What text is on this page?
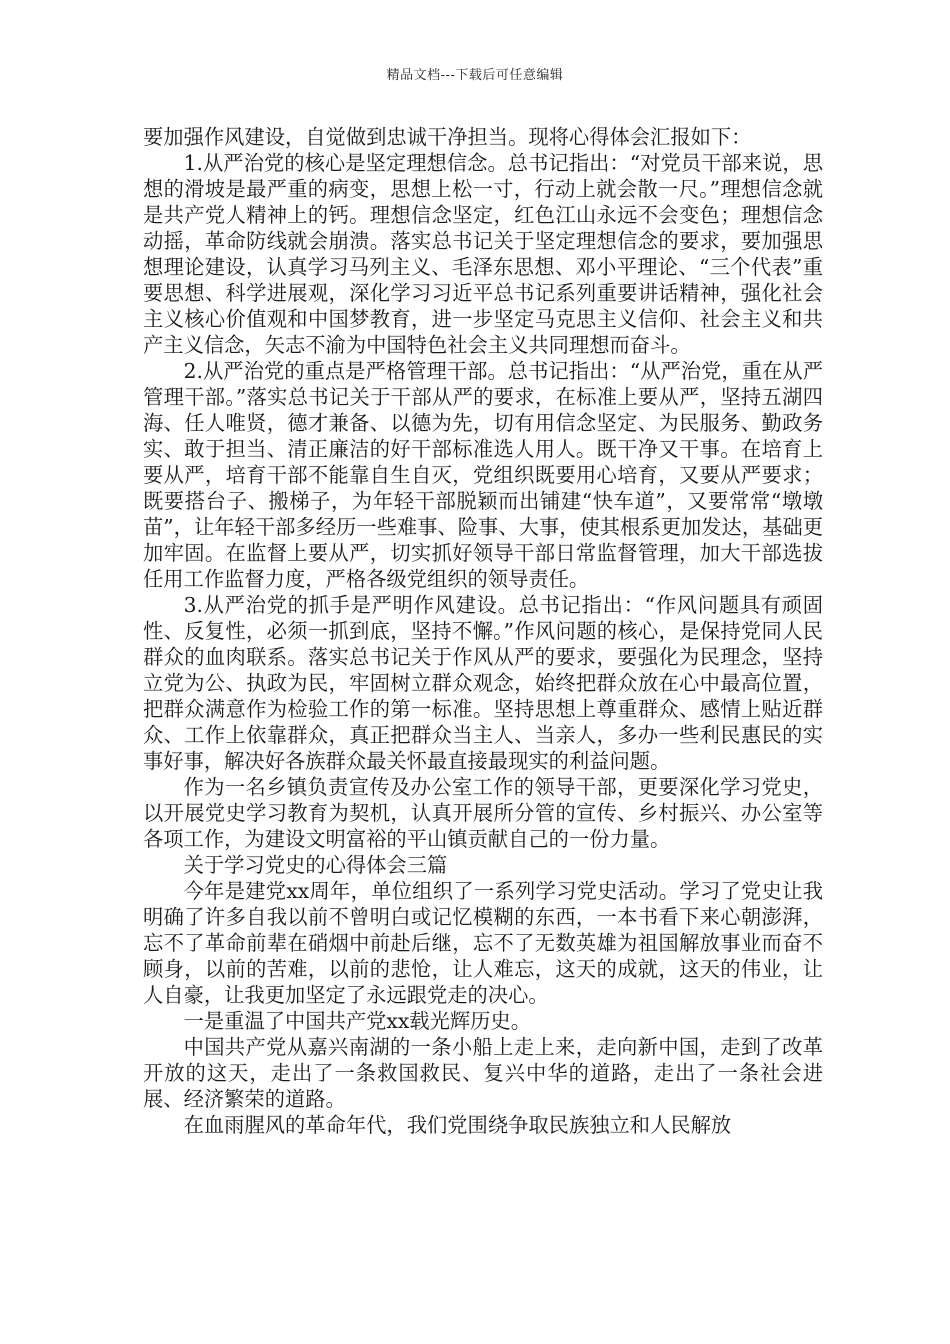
精品文档---下载后可任意编辑

要加强作风建设，自觉做到忠诚干净担当。现将心得体会汇报如下：

1.从严治党的核心是坚定理想信念。总书记指出：“对党员干部来说，思想的滑坡是最严重的病变，思想上松一寸，行动上就会散一尺。”理想信念就是共产党人精神上的钙。理想信念坚定，红色江山永远不会变色；理想信念动摇，革命防线就会崩溃。落实总书记关于坚定理想信念的要求，要加强思想理论建设，认真学习马列主义、毛泽东思想、邓小平理论、“三个代表”重要思想、科学进展观，深化学习习近平总书记系列重要讲话精神，强化社会主义核心价值观和中国梦教育，进一步坚定马克思主义信仰、社会主义和共产主义信念，矢志不渝为中国特色社会主义共同理想而奋斗。

2.从严治党的重点是严格管理干部。总书记指出：“从严治党，重在从严管理干部。”落实总书记关于干部从严的要求，在标准上要从严，坚持五湖四海、任人唯贤，德才兼备、以德为先，切有用信念坚定、为民服务、勤政务实、敢于担当、清正廉洁的好干部标准选人用人。既干净又干事。在培育上要从严，培育干部不能靠自生自灭，党组织既要用心培育，又要从严要求；既要搭台子、搬梯子，为年轻干部脱颖而出铺建“快车道”，又要常常“墩墩苗”，让年轻干部多经历一些难事、险事、大事，使其根系更加发达，基础更加牢固。在监督上要从严，切实抓好领导干部日常监督管理，加大干部选拔任用工作监督力度，严格各级党组织的领导责任。

3.从严治党的抓手是严明作风建设。总书记指出：“作风问题具有顽固性、反复性，必须一抓到底，坚持不懈。”作风问题的核心，是保持党同人民群众的血肉联系。落实总书记关于作风从严的要求，要强化为民理念，坚持立党为公、执政为民，牢固树立群众观念，始终把群众放在心中最高位置，把群众满意作为检验工作的第一标准。坚持思想上尊重群众、感情上贴近群众、工作上依靠群众，真正把群众当主人、当亲人，多办一些利民惠民的实事好事，解决好各族群众最关怀最直接最现实的利益问题。

作为一名乡镇负责宣传及办公室工作的领导干部，更要深化学习党史，以开展党史学习教育为契机，认真开展所分管的宣传、乡村振兴、办公室等各项工作，为建设文明富裕的平山镇贡献自己的一份力量。

关于学习党史的心得体会三篇

今年是建党xx周年，单位组织了一系列学习党史活动。学习了党史让我明确了许多自我以前不曾明白或记忆模糊的东西，一本书看下来心朝澎湃，忘不了革命前辈在硝烟中前赴后继，忘不了无数英雄为祖国解放事业而奋不顾身，以前的苦难，以前的悲怆，让人难忘，这天的成就，这天的伟业，让人自豪，让我更加坚定了永远跟党走的决心。

一是重温了中国共产党xx载光辉历史。

中国共产党从嘉兴南湖的一条小船上走上来，走向新中国，走到了改革开放的这天，走出了一条救国救民、复兴中华的道路，走出了一条社会进展、经济繁荣的道路。

在血雨腥风的革命年代，我们党围绕争取民族独立和人民解放
